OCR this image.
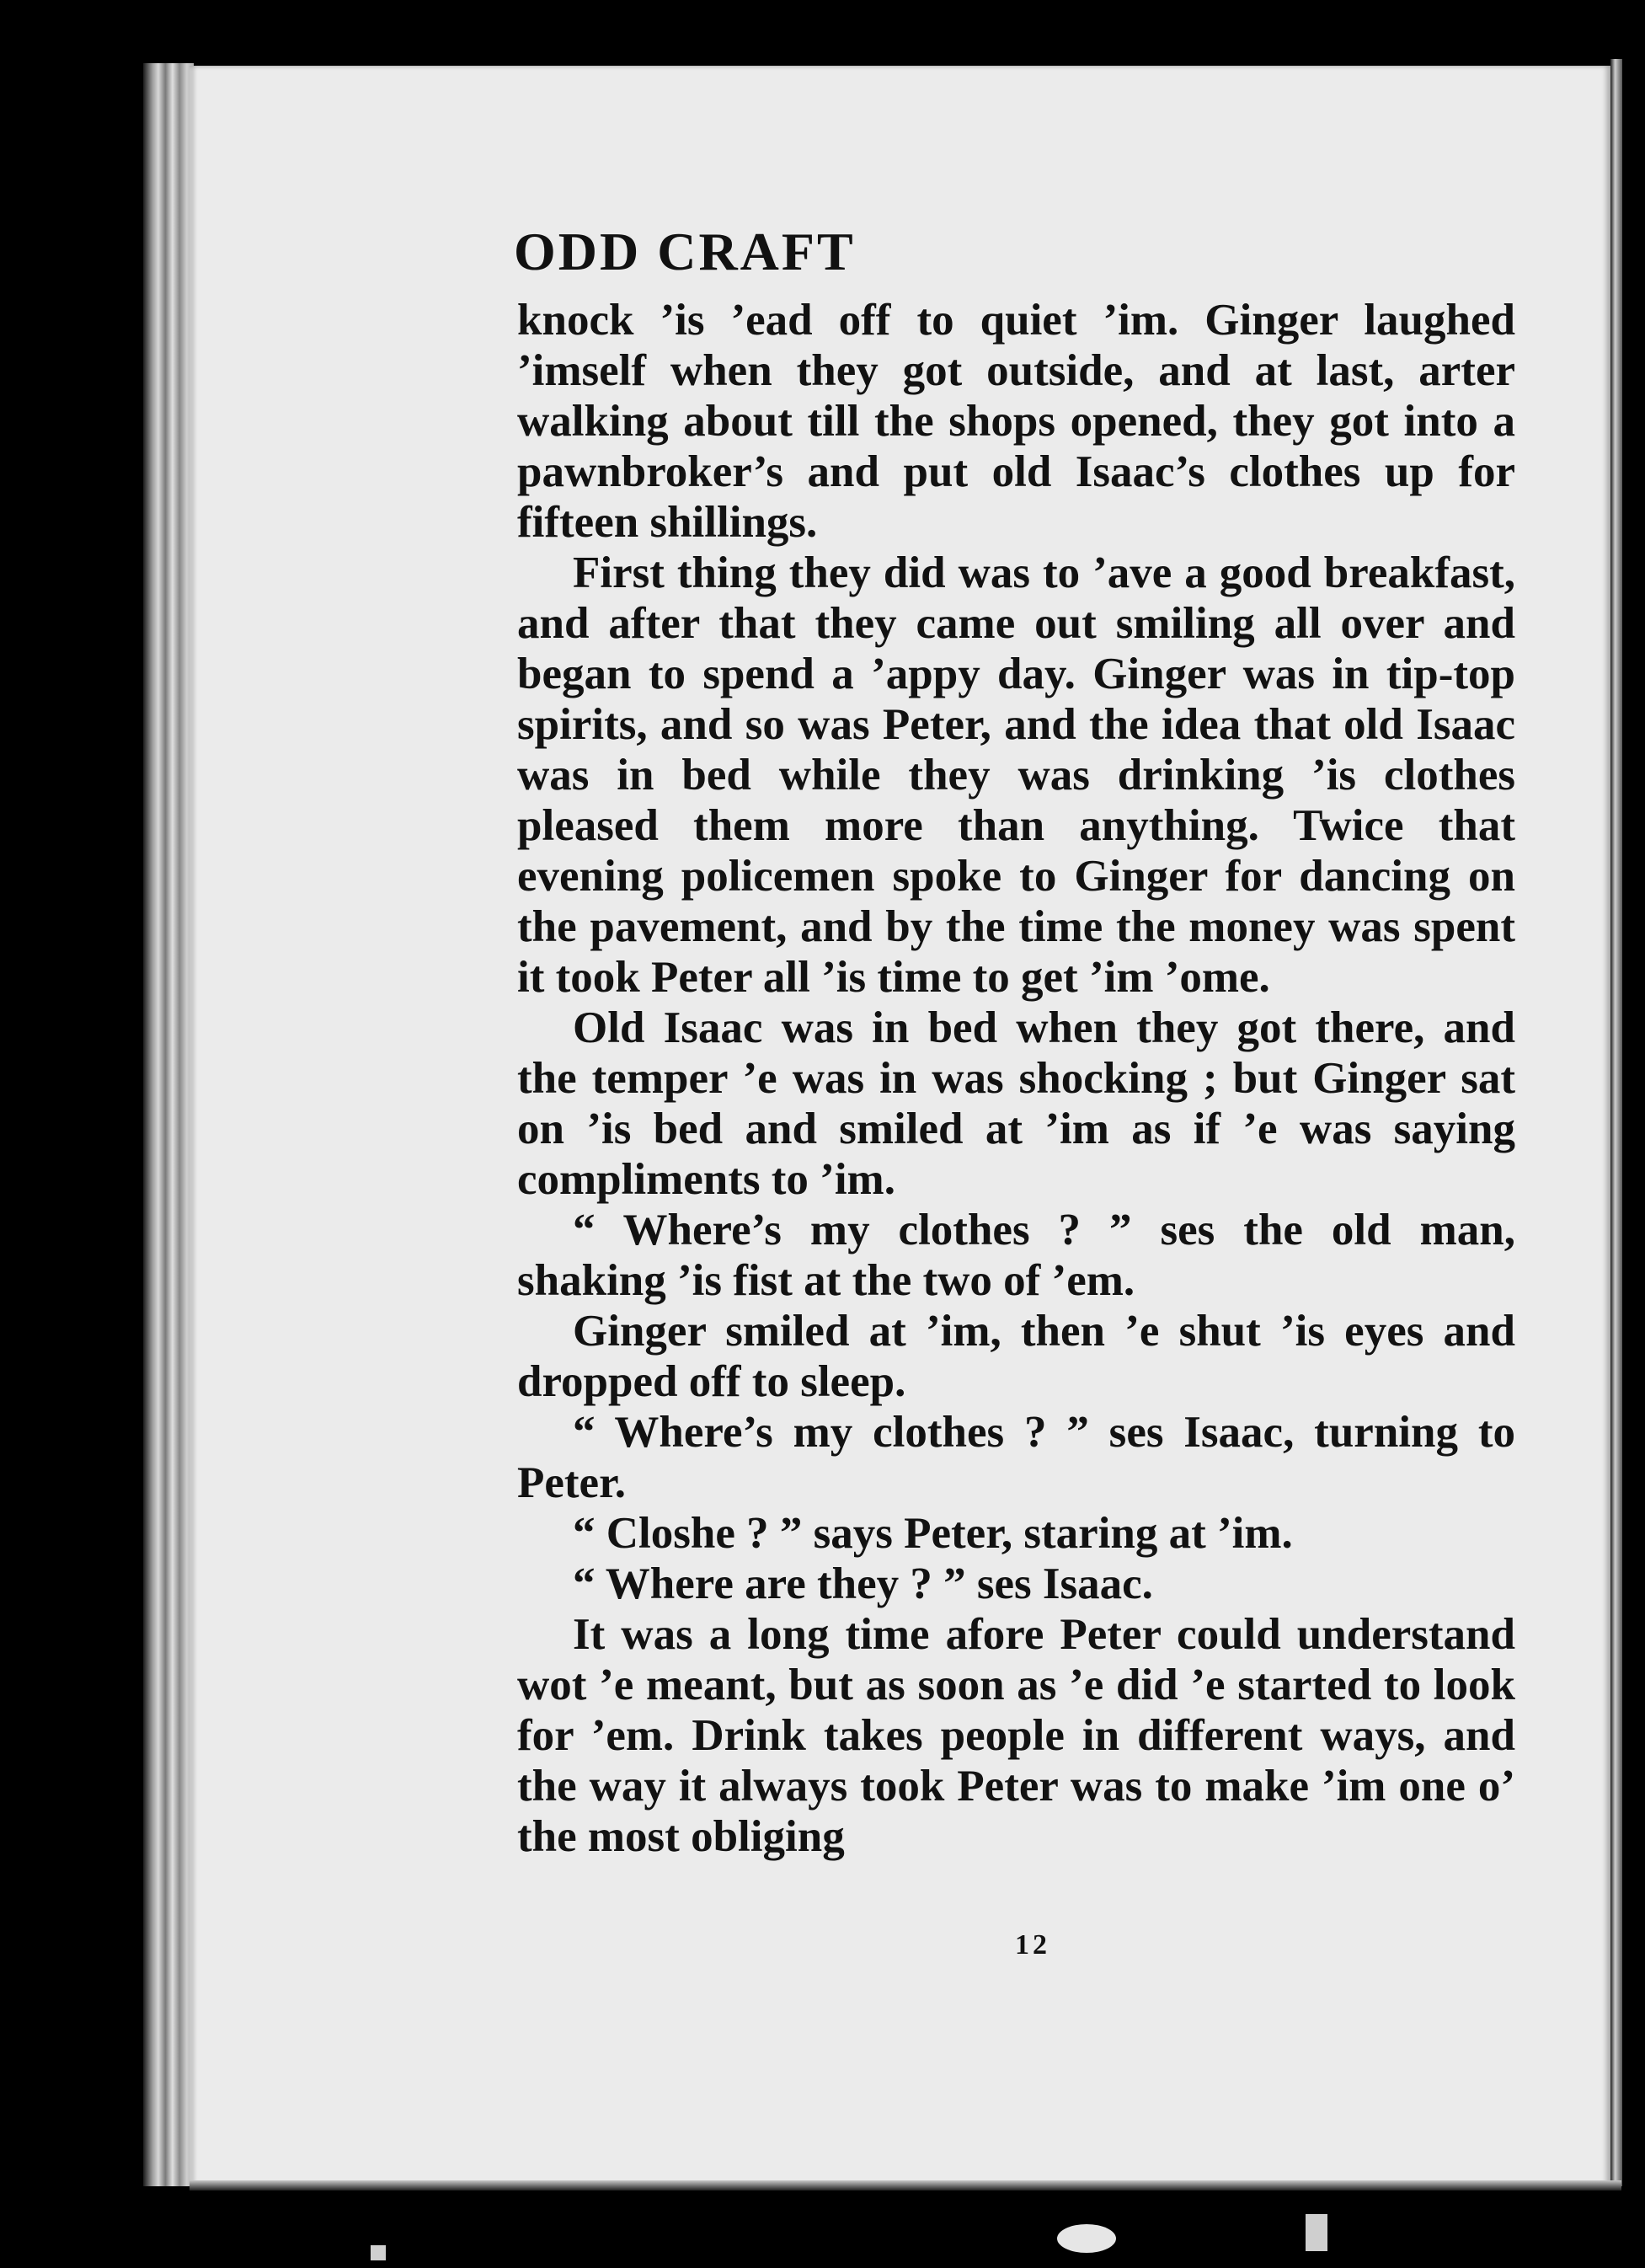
ODD CRAFT

knock ’is ’ead off to quiet ’im. Ginger laughed ’imself when they got outside, and at last, arter walking about till the shops opened, they got into a pawnbroker’s and put old Isaac’s clothes up for fifteen shillings.

First thing they did was to ’ave a good breakfast, and after that they came out smiling all over and began to spend a ’appy day. Ginger was in tip-top spirits, and so was Peter, and the idea that old Isaac was in bed while they was drinking ’is clothes pleased them more than anything. Twice that evening policemen spoke to Ginger for dancing on the pavement, and by the time the money was spent it took Peter all ’is time to get ’im ’ome.

Old Isaac was in bed when they got there, and the temper ’e was in was shocking ; but Ginger sat on ’is bed and smiled at ’im as if ’e was saying compliments to ’im.

“ Where’s my clothes ? ” ses the old man, shaking ’is fist at the two of ’em.

Ginger smiled at ’im, then ’e shut ’is eyes and dropped off to sleep.

“ Where’s my clothes ? ” ses Isaac, turning to Peter.

“ Closhe ? ” says Peter, staring at ’im.

“ Where are they ? ” ses Isaac.

It was a long time afore Peter could understand wot ’e meant, but as soon as ’e did ’e started to look for ’em. Drink takes people in different ways, and the way it always took Peter was to make ’im one o’ the most obliging

12
